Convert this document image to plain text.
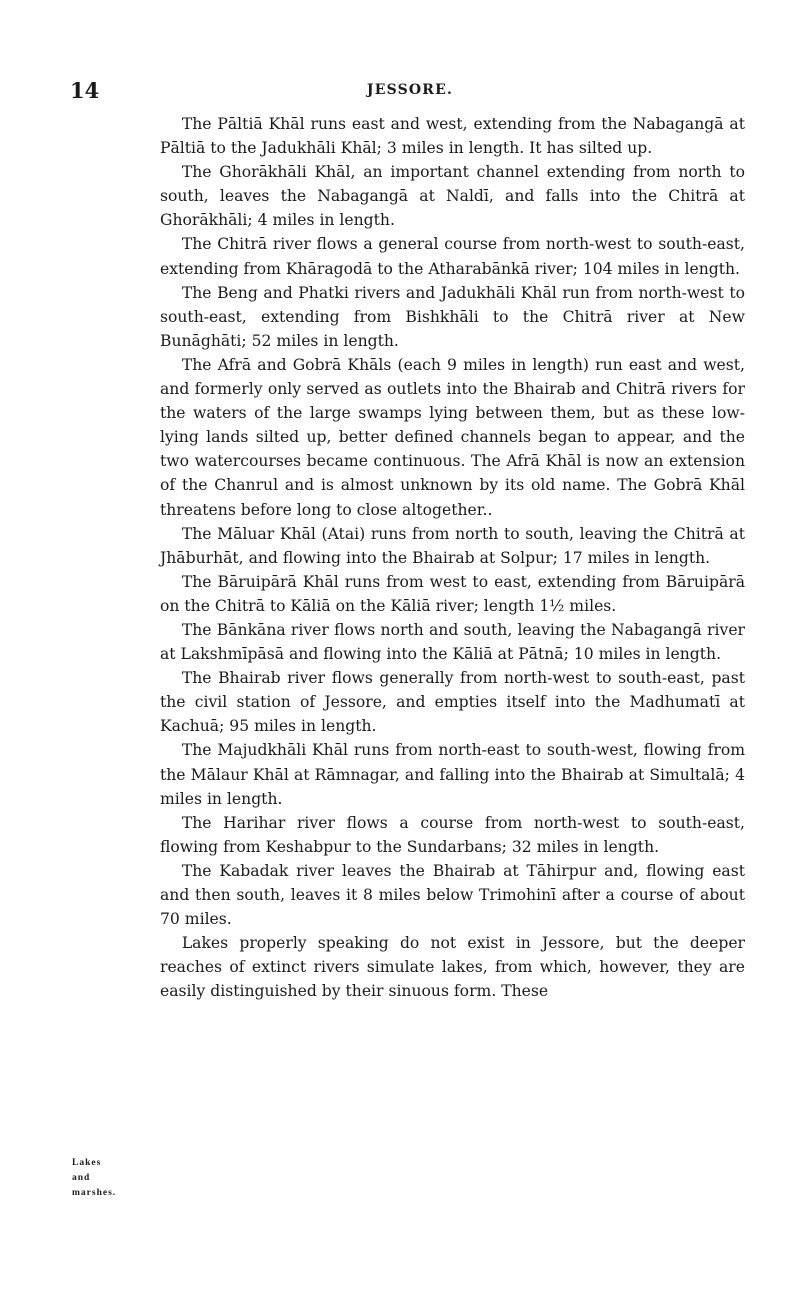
14	JESSORE.

The Pāltiā Khāl runs east and west, extending from the Nabagangā at Pāltiā to the Jadukhāli Khāl; 3 miles in length. It has silted up.

The Ghorākhāli Khāl, an important channel extending from north to south, leaves the Nabagangā at Naldī, and falls into the Chitrā at Ghorākhāli; 4 miles in length.

The Chitrā river flows a general course from north-west to south-east, extending from Khāragodā to the Atharabānkā river; 104 miles in length.

The Beng and Phatki rivers and Jadukhāli Khāl run from north-west to south-east, extending from Bishkhāli to the Chitrā river at New Bunāghāti; 52 miles in length.

The Afrā and Gobrā Khāls (each 9 miles in length) run east and west, and formerly only served as outlets into the Bhairab and Chitrā rivers for the waters of the large swamps lying between them, but as these low-lying lands silted up, better defined channels began to appear, and the two watercourses became continuous. The Afrā Khāl is now an extension of the Chanrul and is almost unknown by its old name. The Gobrā Khāl threatens before long to close altogether..

The Māluar Khāl (Atai) runs from north to south, leaving the Chitrā at Jhāburhāt, and flowing into the Bhairab at Solpur; 17 miles in length.

The Bāruipārā Khāl runs from west to east, extending from Bāruipārā on the Chitrā to Kāliā on the Kāliā river; length 1½ miles.

The Bānkāna river flows north and south, leaving the Nabagangā river at Lakshmīpāsā and flowing into the Kāliā at Pātnā; 10 miles in length.

The Bhairab river flows generally from north-west to south-east, past the civil station of Jessore, and empties itself into the Madhumatī at Kachuā; 95 miles in length.

The Majudkhāli Khāl runs from north-east to south-west, flowing from the Mālaur Khāl at Rāmnagar, and falling into the Bhairab at Simultalā; 4 miles in length.

The Harihar river flows a course from north-west to south-east, flowing from Keshabpur to the Sundarbans; 32 miles in length.

The Kabadak river leaves the Bhairab at Tāhirpur and, flowing east and then south, leaves it 8 miles below Trimohinī after a course of about 70 miles.

Lakes properly speaking do not exist in Jessore, but the deeper reaches of extinct rivers simulate lakes, from which, however, they are easily distinguished by their sinuous form. These

Lakes
and
marshes.
